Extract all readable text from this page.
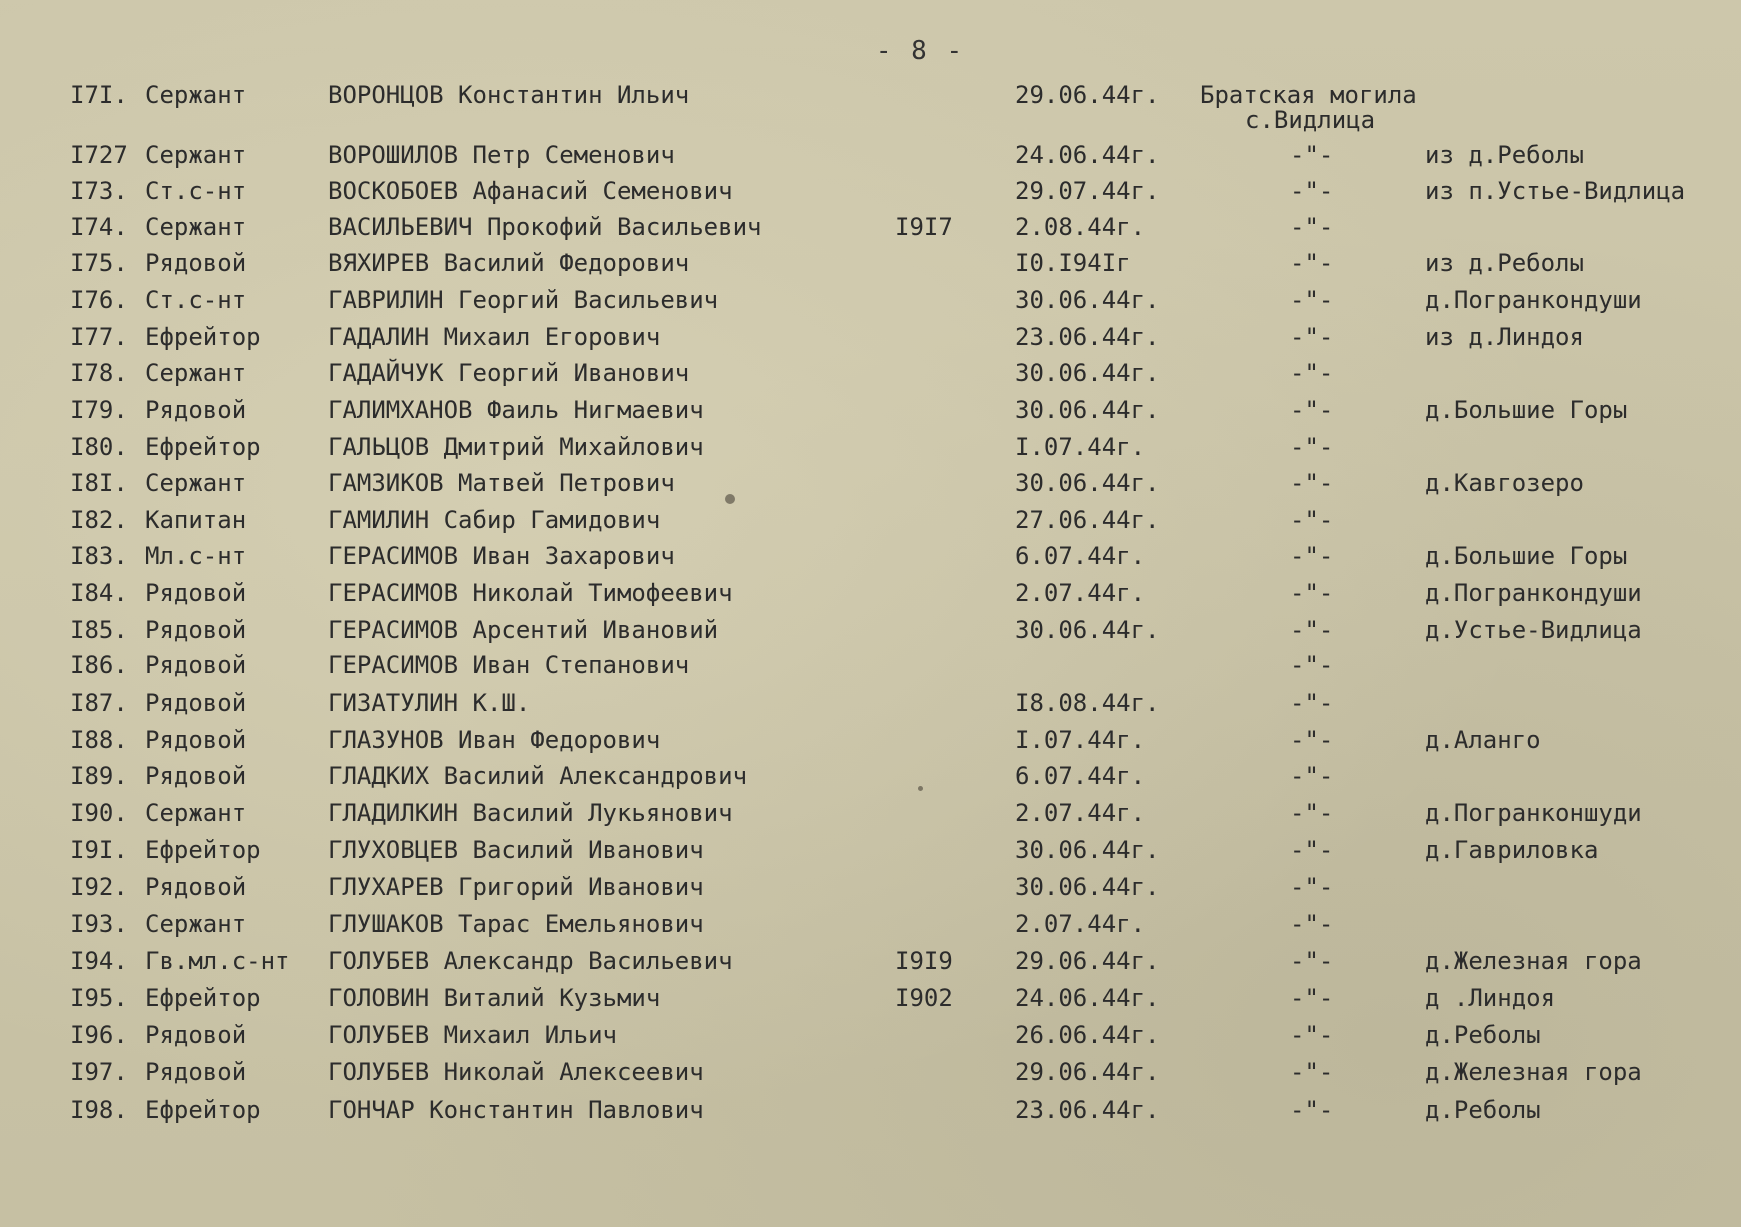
- 8 -
I7I. Сержант	ВОРОНЦОВ Константин Ильич	29.06.44г. Братская могила
с.Видлица
I727 Сержант	ВОРОШИЛОВ Петр Семенович	24.06.44г.	-"-	из д.Реболы
I73. Ст.с-нт	ВОСКОБОЕВ Афанасий Семенович	29.07.44г.	-"-	из п.Устье-Видлица
I74. Сержант	ВАСИЛЬЕВИЧ Прокофий Васильевич	I9I7	2.08.44г.	-"-
I75. Рядовой	ВЯХИРЕВ Василий Федорович	I0.I94Iг	-"-	из д.Реболы
I76. Ст.с-нт	ГАВРИЛИН Георгий Васильевич	30.06.44г.	-"-	д.Погранкондуши
I77. Ефрейтор	ГАДАЛИН Михаил Егорович	23.06.44г.	-"-	из д.Линдоя
I78. Сержант	ГАДАЙЧУК Георгий Иванович	30.06.44г.	-"-
I79. Рядовой	ГАЛИМХАНОВ Фаиль Нигмаевич	30.06.44г.	-"-	д.Большие Горы
I80. Ефрейтор	ГАЛЬЦОВ Дмитрий Михайлович	I.07.44г.	-"-
I8I. Сержант	ГАМЗИКОВ Матвей Петрович	30.06.44г.	-"-	д.Кавгозеро
I82. Капитан	ГАМИЛИН Сабир Гамидович	27.06.44г.	-"-
I83. Мл.с-нт	ГЕРАСИМОВ Иван Захарович	6.07.44г.	-"-	д.Большие Горы
I84. Рядовой	ГЕРАСИМОВ Николай Тимофеевич	2.07.44г.	-"-	д.Погранкондуши
I85. Рядовой	ГЕРАСИМОВ Арсентий Ивановий	30.06.44г.	-"-	д.Устье-Видлица
I86. Рядовой	ГЕРАСИМОВ Иван Степанович	-"-
I87. Рядовой	ГИЗАТУЛИН К.Ш.	I8.08.44г.	-"-
I88. Рядовой	ГЛАЗУНОВ Иван Федорович	I.07.44г.	-"-	д.Аланго
I89. Рядовой	ГЛАДКИХ Василий Александрович	6.07.44г.	-"-
I90. Сержант	ГЛАДИЛКИН Василий Лукьянович	2.07.44г.	-"-	д.Погранконшуди
I9I. Ефрейтор	ГЛУХОВЦЕВ Василий Иванович	30.06.44г.	-"-	д.Гавриловка
I92. Рядовой	ГЛУХАРЕВ Григорий Иванович	30.06.44г.	-"-
I93. Сержант	ГЛУШАКОВ Тарас Емельянович	2.07.44г.	-"-
I94. Гв.мл.с-нт ГОЛУБЕВ Александр Васильевич	I9I9	29.06.44г.	-"-	д.Железная гора
I95. Ефрейтор	ГОЛОВИН Виталий Кузьмич	I902	24.06.44г.	-"-	д .Линдоя
I96. Рядовой	ГОЛУБЕВ Михаил Ильич	26.06.44г.	-"-	д.Реболы
I97. Рядовой	ГОЛУБЕВ Николай Алексеевич	29.06.44г.	-"-	д.Железная гора
I98. Ефрейтор	ГОНЧАР Константин Павлович	23.06.44г.	-"-	д.Реболы
